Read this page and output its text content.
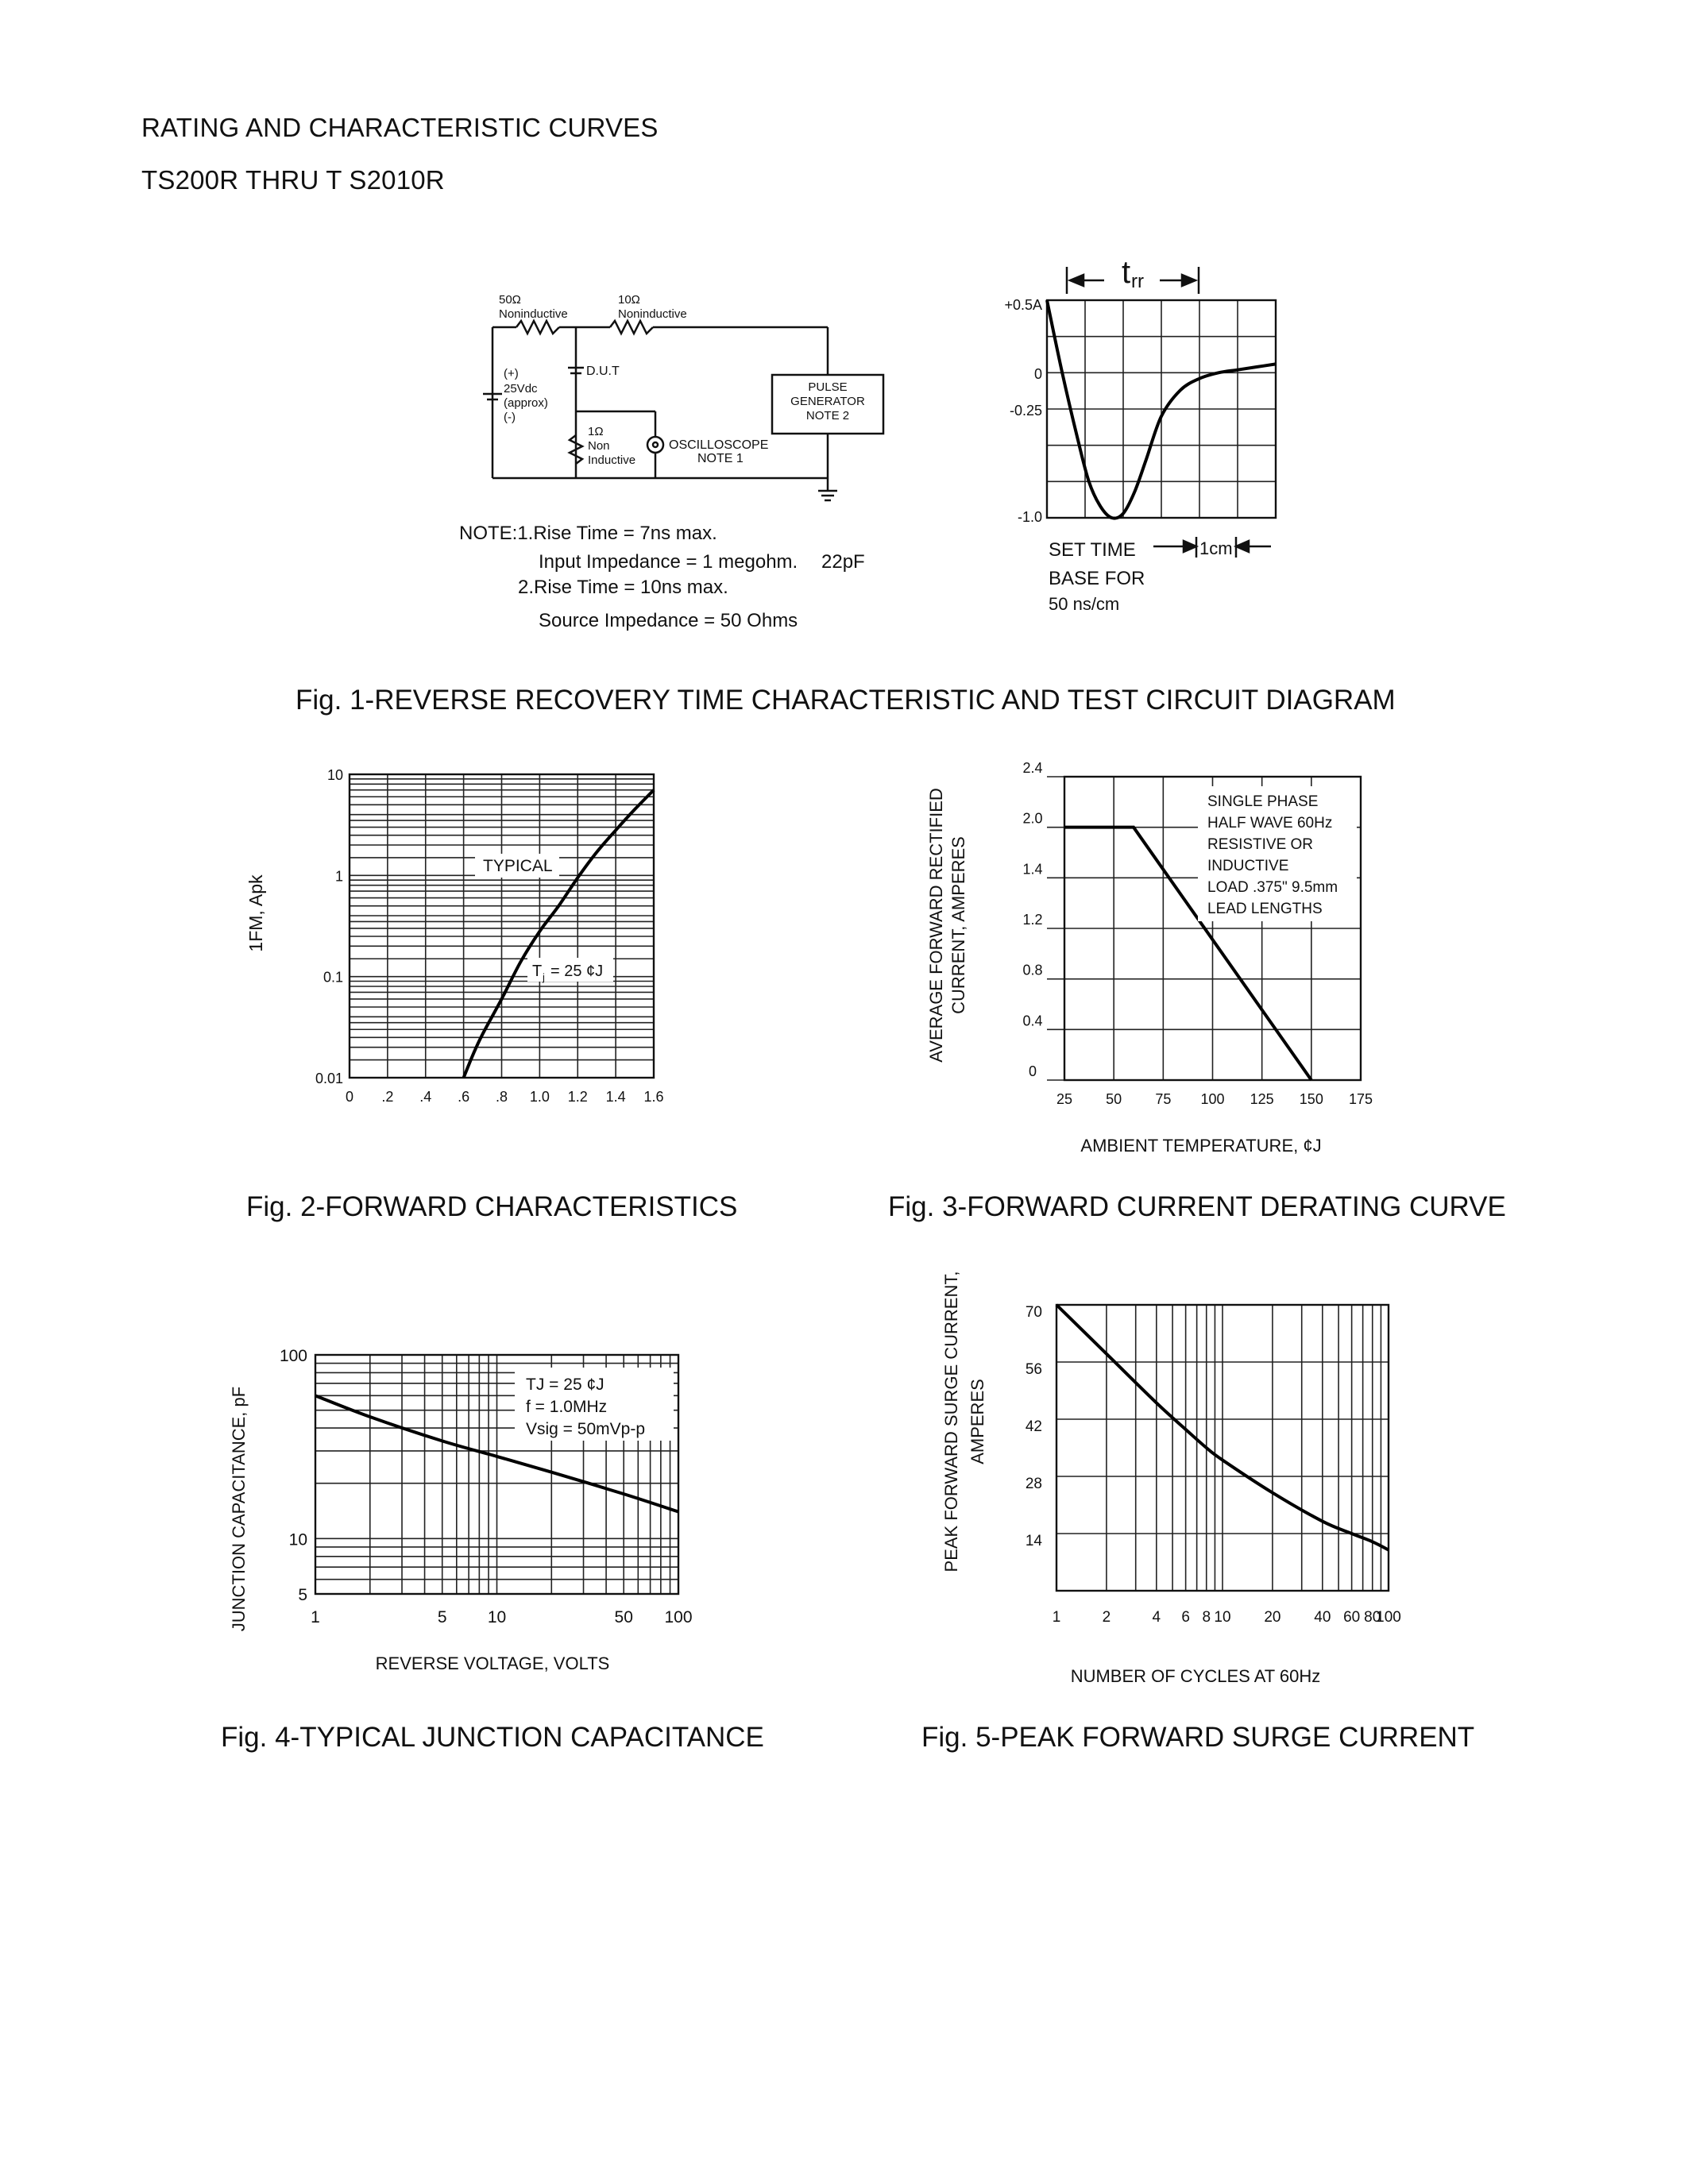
RATING AND CHARACTERISTIC CURVES
TS200R THRU T S2010R
50Ω
Noninductive
10Ω
Noninductive
(+)
25Vdc
(approx)
(-)
D.U.T
1Ω
Non
Inductive
OSCILLOSCOPE
NOTE 1
PULSE
GENERATOR
NOTE 2
NOTE:1.Rise Time = 7ns max.
Input Impedance = 1 megohm. 22pF
2.Rise Time = 10ns max.
Source Impedance = 50 Ohms
t rr
+0.5A
0
-0.25
-1.0
SET TIME
BASE FOR
50 ns/cm
1cm
Fig. 1-REVERSE RECOVERY TIME CHARACTERISTIC AND TEST CIRCUIT DIAGRAM
0 .2 .4 .6 .8 1.0 1.2 1.4 1.6
0.01
0.1
1
10
TYPICAL
T j = 25 ¢J
1FM, Apk
Fig. 2-FORWARD CHARACTERISTICS
25 50 75 100 125 150 175
0
0.4
0.8
1.2
1.4
2.0
2.4
SINGLE PHASE
HALF WAVE 60Hz
RESISTIVE OR
INDUCTIVE
LOAD .375" 9.5mm
LEAD LENGTHS
AVERAGE FORWARD RECTIFIED CURRENT, AMPERES
AMBIENT TEMPERATURE, ¢J
Fig. 3-FORWARD CURRENT DERATING CURVE
1	5 10	50 100
5
10
100
TJ = 25 ¢J
f = 1.0MHz
Vsig = 50mVp-p
JUNCTION CAPACITANCE, pF
REVERSE VOLTAGE, VOLTS
Fig. 4-TYPICAL JUNCTION CAPACITANCE
1	2	4 6 8 10 20 40 60 80
100
14
28
42
56
70
PEAK FORWARD SURGE CURRENT, AMPERES
NUMBER OF CYCLES AT 60Hz
Fig. 5-PEAK FORWARD SURGE CURRENT
